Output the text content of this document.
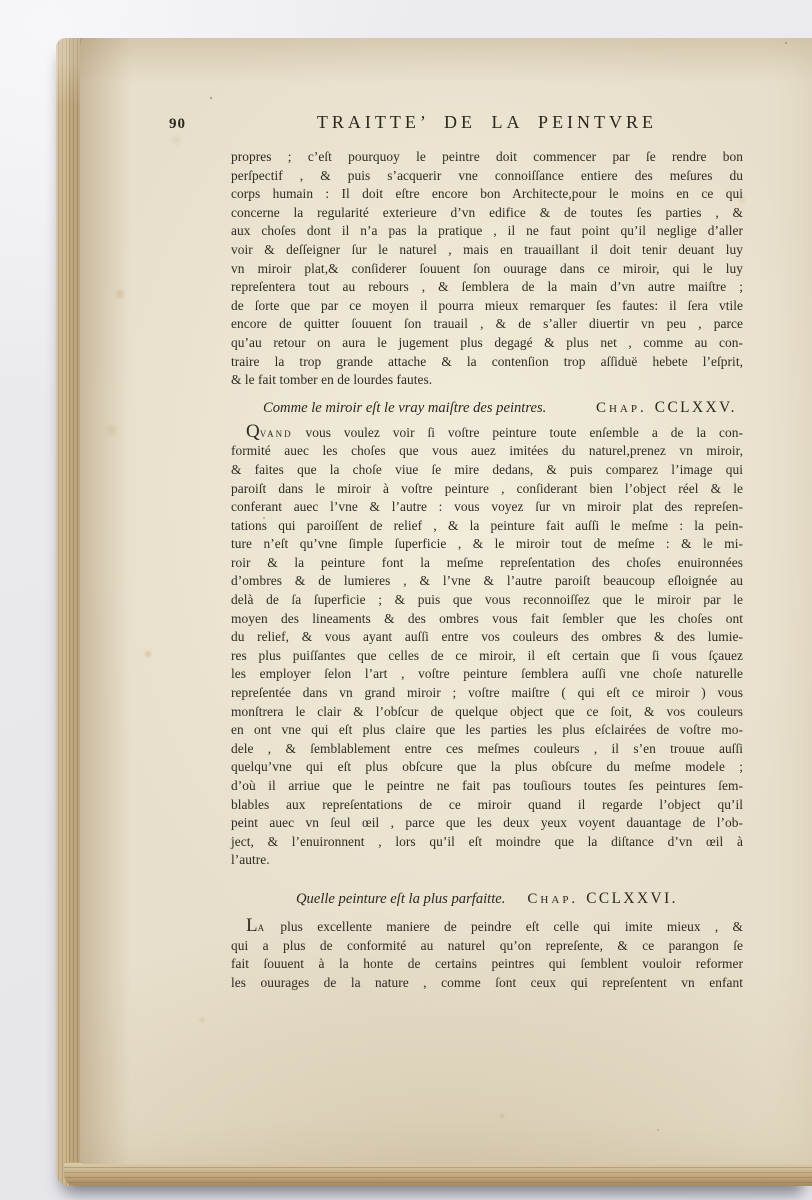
90	TRAITTE’ DE LA PEINTVRE
propres ; c’eſt pourquoy le peintre doit commencer par ſe rendre bon
perſpectif , & puis s’acquerir vne connoiſſance entiere des meſures du
corps humain : Il doit eſtre encore bon Architecte,pour le moins en ce qui
concerne la regularité exterieure d’vn edifice & de toutes ſes parties , &
aux choſes dont il n’a pas la pratique , il ne faut point qu’il neglige d’aller
voir & deſſeigner ſur le naturel , mais en trauaillant il doit tenir deuant luy
vn miroir plat,& conſiderer ſouuent ſon ouurage dans ce miroir, qui le luy
repreſentera tout au rebours , & ſemblera de la main d’vn autre maiſtre ;
de ſorte que par ce moyen il pourra mieux remarquer ſes fautes: il ſera vtile
encore de quitter ſouuent ſon trauail , & de s’aller diuertir vn peu , parce
qu’au retour on aura le jugement plus degagé & plus net , comme au con-
traire la trop grande attache & la contenſion trop aſſiduë hebete l’eſprit,
& le fait tomber en de lourdes fautes.
Comme le miroir eſt le vray maiſtre des peintres.	Chap. CCLXXV.
Qvand vous voulez voir ſi voſtre peinture toute enſemble a de la con-
formité auec les choſes que vous auez imitées du naturel,prenez vn miroir,
& faites que la choſe viue ſe mire dedans, & puis comparez l’image qui
paroiſt dans le miroir à voſtre peinture , conſiderant bien l’object réel & le
conferant auec l’vne & l’autre : vous voyez ſur vn miroir plat des repreſen-
tations qui paroiſſent de relief , & la peinture fait auſſi le meſme : la pein-
ture n’eſt qu’vne ſimple ſuperficie , & le miroir tout de meſme : & le mi-
roir & la peinture font la meſme repreſentation des choſes enuironnées
d’ombres & de lumieres , & l’vne & l’autre paroiſt beaucoup eſloignée au
delà de ſa ſuperficie ; & puis que vous reconnoiſſez que le miroir par le
moyen des lineaments & des ombres vous fait ſembler que les choſes ont
du relief, & vous ayant auſſi entre vos couleurs des ombres & des lumie-
res plus puiſſantes que celles de ce miroir, il eſt certain que ſi vous ſçauez
les employer ſelon l’art , voſtre peinture ſemblera auſſi vne choſe naturelle
repreſentée dans vn grand miroir ; voſtre maiſtre ( qui eſt ce miroir ) vous
monſtrera le clair & l’obſcur de quelque object que ce ſoit, & vos couleurs
en ont vne qui eſt plus claire que les parties les plus eſclairées de voſtre mo-
dele , & ſemblablement entre ces meſmes couleurs , il s’en trouue auſſi
quelqu’vne qui eſt plus obſcure que la plus obſcure du meſme modele ;
d’où il arriue que le peintre ne fait pas touſiours toutes ſes peintures ſem-
blables aux repreſentations de ce miroir quand il regarde l’object qu’il
peint auec vn ſeul œil , parce que les deux yeux voyent dauantage de l’ob-
ject, & l’enuironnent , lors qu’il eſt moindre que la diſtance d’vn œil à
l’autre.
Quelle peinture eſt la plus parfaitte. Chap. CCLXXVI.
La plus excellente maniere de peindre eſt celle qui imite mieux , &
qui a plus de conformité au naturel qu’on repreſente, & ce parangon ſe
fait ſouuent à la honte de certains peintres qui ſemblent vouloir reformer
les ouurages de la nature , comme ſont ceux qui repreſentent vn enfant
